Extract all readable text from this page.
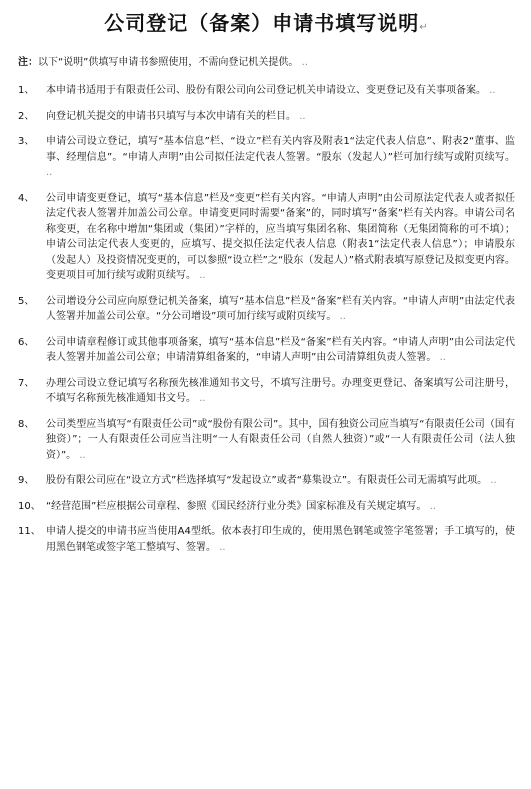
公司登记（备案）申请书填写说明↵
注：以下“说明”供填写申请书参照使用，不需向登记机关提供。 ..
1、	本申请书适用于有限责任公司、股份有限公司向公司登记机关申请设立、变更登记及有关事项备案。 ..
2、	向登记机关提交的申请书只填写与本次申请有关的栏目。 ..
3、	申请公司设立登记，填写“基本信息”栏、“设立”栏有关内容及附表1“法定代表人信息”、附表2“董事、监事、经理信息”。“申请人声明”由公司拟任法定代表人签署。“股东（发起人）”栏可加行续写或附页续写。 ..
4、	公司申请变更登记，填写“基本信息”栏及“变更”栏有关内容。“申请人声明”由公司原法定代表人或者拟任法定代表人签署并加盖公司公章。申请变更同时需要“备案”的，同时填写“备案”栏有关内容。申请公司名称变更，在名称中增加“集团或（集团）”字样的，应当填写集团名称、集团简称（无集团简称的可不填）；申请公司法定代表人变更的，应填写、提交拟任法定代表人信息（附表1“法定代表人信息”）；申请股东（发起人）及投资情况变更的，可以参照“设立栏”之“股东（发起人）”格式附表填写原登记及拟变更内容。变更项目可加行续写或附页续写。 ..
5、	公司增设分公司应向原登记机关备案，填写“基本信息”栏及“备案”栏有关内容。“申请人声明”由法定代表人签署并加盖公司公章。“分公司增设”项可加行续写或附页续写。 ..
6、	公司申请章程修订或其他事项备案，填写“基本信息”栏及“备案”栏有关内容。“申请人声明”由公司法定代表人签署并加盖公司公章；申请清算组备案的，“申请人声明”由公司清算组负责人签署。 ..
7、	办理公司设立登记填写名称预先核准通知书文号，不填写注册号。办理变更登记、备案填写公司注册号，不填写名称预先核准通知书文号。 ..
8、	公司类型应当填写“有限责任公司”或“股份有限公司”。其中，国有独资公司应当填写“有限责任公司（国有独资）”；一人有限责任公司应当注明“一人有限责任公司（自然人独资）”或“一人有限责任公司（法人独资）”。 ..
9、	股份有限公司应在“设立方式”栏选择填写“发起设立”或者“募集设立”。有限责任公司无需填写此项。 ..
10、 “经营范围”栏应根据公司章程、参照《国民经济行业分类》国家标准及有关规定填写。 ..
11、 申请人提交的申请书应当使用A4型纸。依本表打印生成的，使用黑色钢笔或签字笔签署；手工填写的，使用黑色钢笔或签字笔工整填写、签署。 ..
